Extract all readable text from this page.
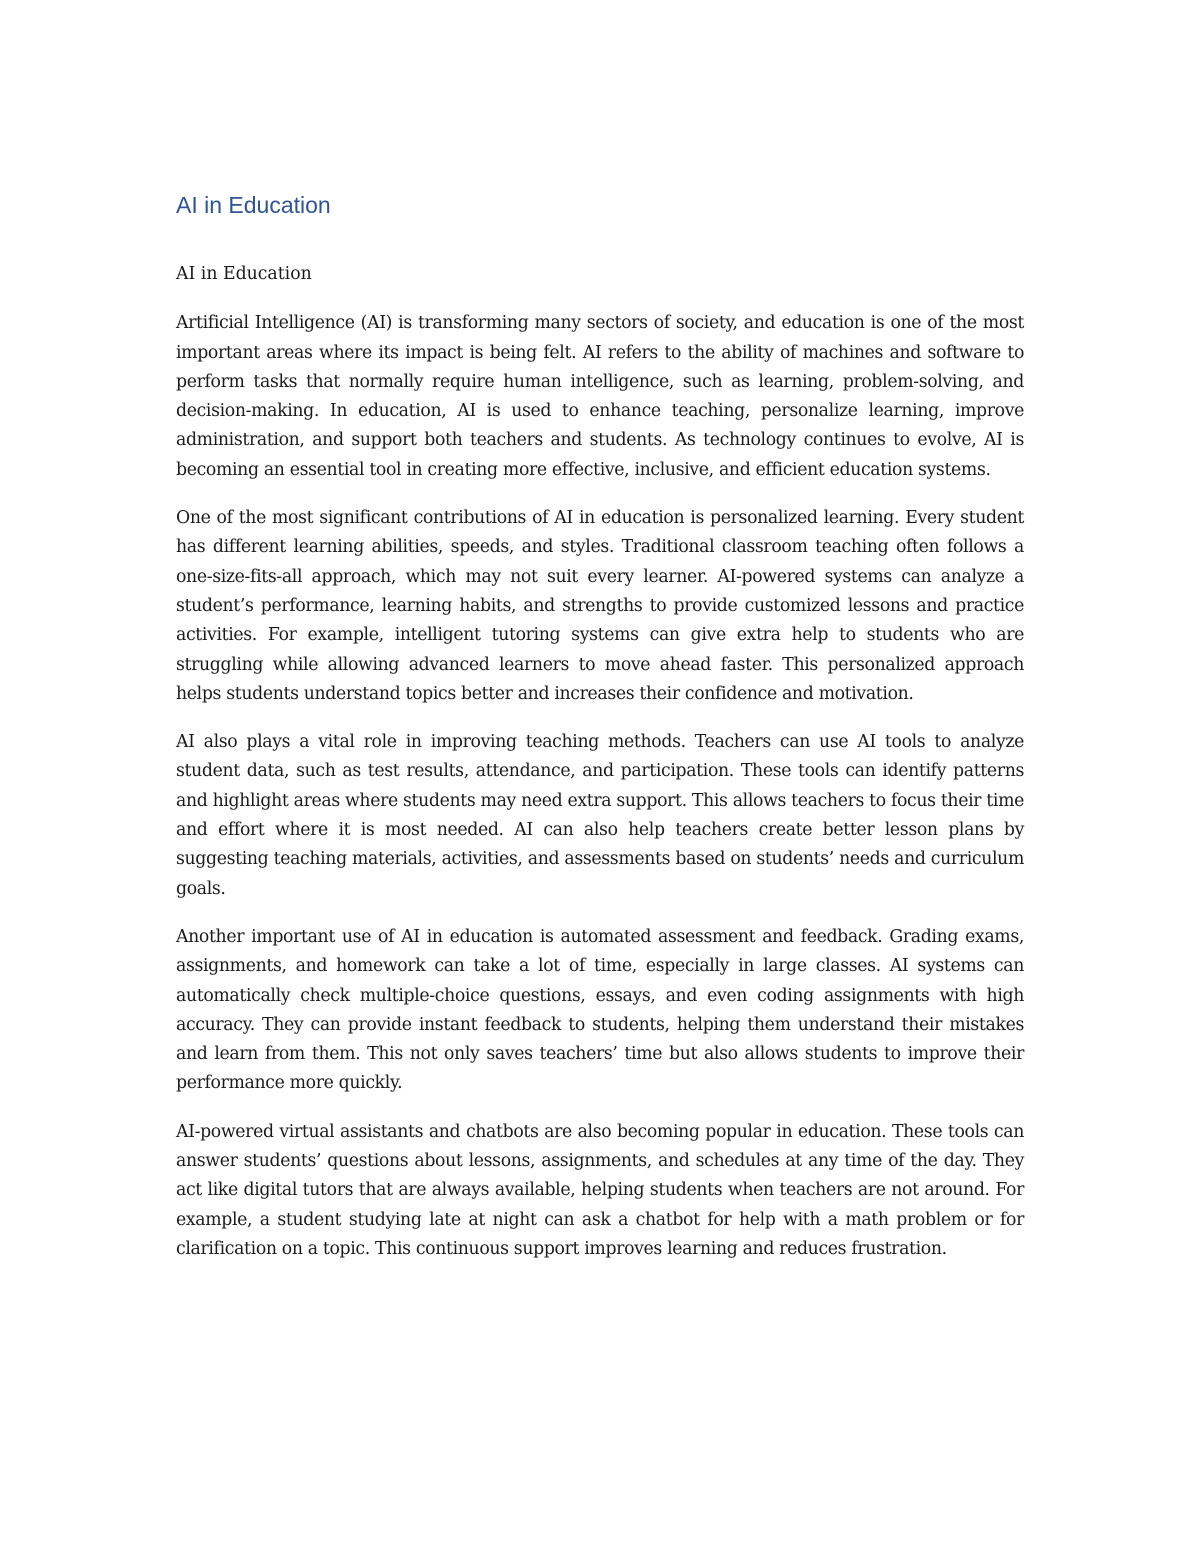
AI in Education

AI in Education

Artificial Intelligence (AI) is transforming many sectors of society, and education is one of the most important areas where its impact is being felt. AI refers to the ability of machines and software to perform tasks that normally require human intelligence, such as learning, problem-solving, and decision-making. In education, AI is used to enhance teaching, personalize learning, improve administration, and support both teachers and students. As technology continues to evolve, AI is becoming an essential tool in creating more effective, inclusive, and efficient education systems.

One of the most significant contributions of AI in education is personalized learning. Every student has different learning abilities, speeds, and styles. Traditional classroom teaching often follows a one-size-fits-all approach, which may not suit every learner. AI-powered systems can analyze a student’s performance, learning habits, and strengths to provide customized lessons and practice activities. For example, intelligent tutoring systems can give extra help to students who are struggling while allowing advanced learners to move ahead faster. This personalized approach helps students understand topics better and increases their confidence and motivation.

AI also plays a vital role in improving teaching methods. Teachers can use AI tools to analyze student data, such as test results, attendance, and participation. These tools can identify patterns and highlight areas where students may need extra support. This allows teachers to focus their time and effort where it is most needed. AI can also help teachers create better lesson plans by suggesting teaching materials, activities, and assessments based on students’ needs and curriculum goals.

Another important use of AI in education is automated assessment and feedback. Grading exams, assignments, and homework can take a lot of time, especially in large classes. AI systems can automatically check multiple-choice questions, essays, and even coding assignments with high accuracy. They can provide instant feedback to students, helping them understand their mistakes and learn from them. This not only saves teachers’ time but also allows students to improve their performance more quickly.

AI-powered virtual assistants and chatbots are also becoming popular in education. These tools can answer students’ questions about lessons, assignments, and schedules at any time of the day. They act like digital tutors that are always available, helping students when teachers are not around. For example, a student studying late at night can ask a chatbot for help with a math problem or for clarification on a topic. This continuous support improves learning and reduces frustration.
